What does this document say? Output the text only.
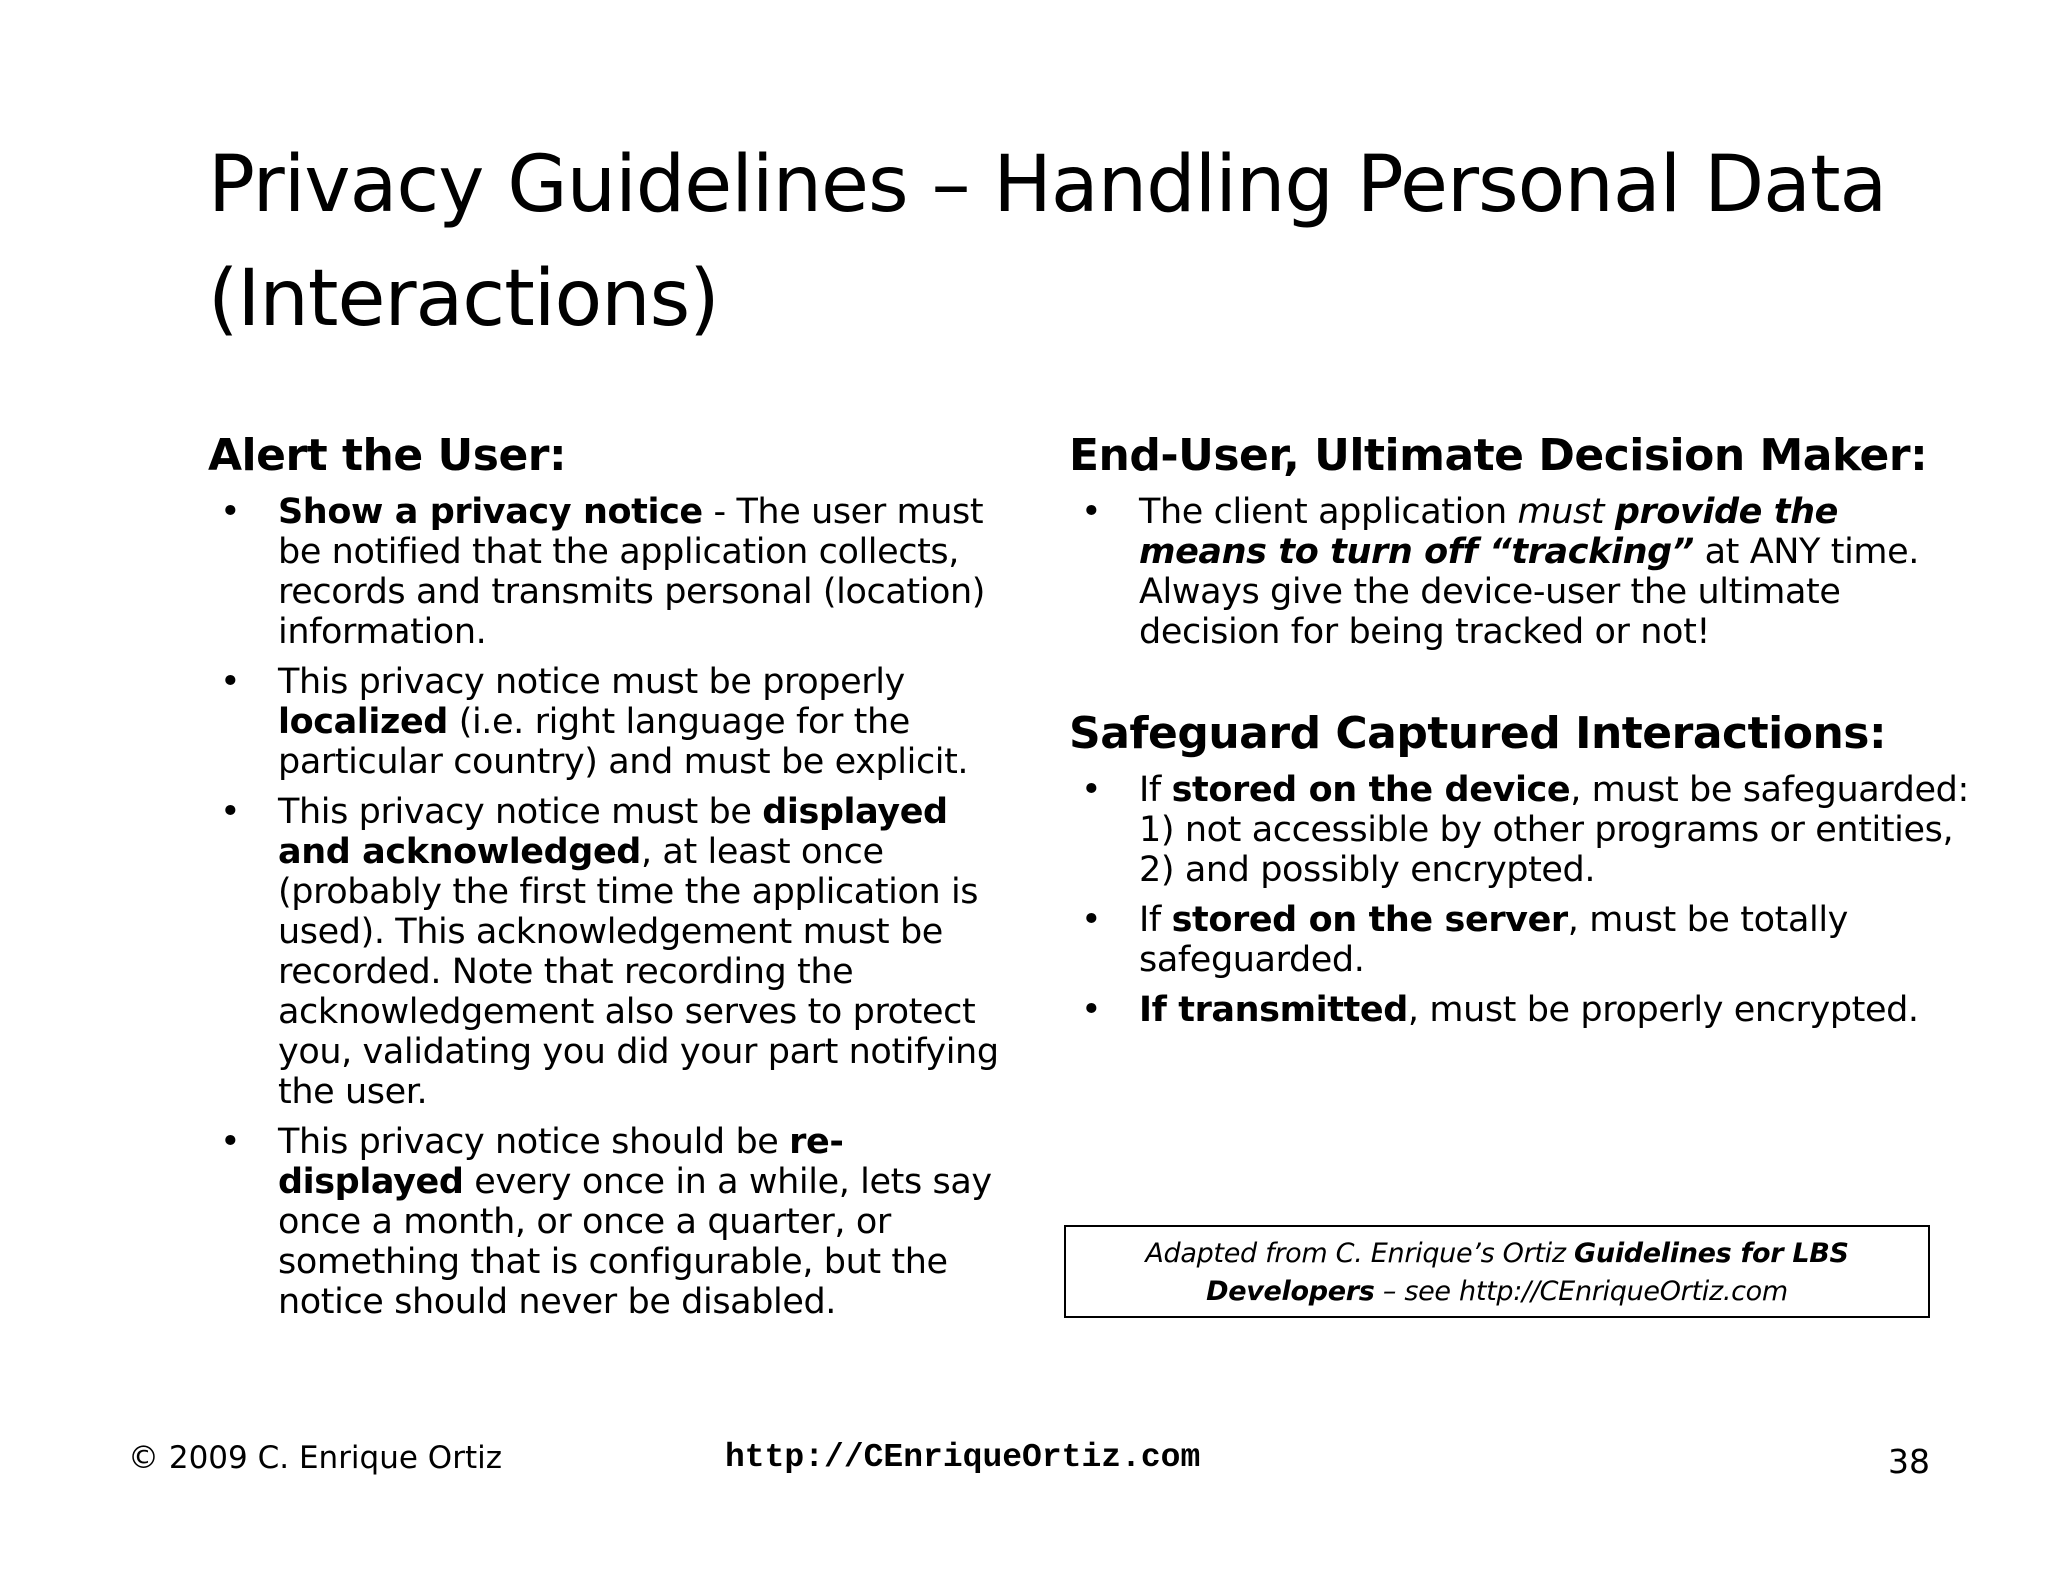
Privacy Guidelines – Handling Personal Data (Interactions)
Alert the User:
• Show a privacy notice - The user must be notified that the application collects, records and transmits personal (location) information.
• This privacy notice must be properly localized (i.e. right language for the particular country) and must be explicit.
• This privacy notice must be displayed and acknowledged, at least once (probably the first time the application is used). This acknowledgement must be recorded. Note that recording the acknowledgement also serves to protect you, validating you did your part notifying the user.
• This privacy notice should be re-displayed every once in a while, lets say once a month, or once a quarter, or something that is configurable, but the notice should never be disabled.
End-User, Ultimate Decision Maker:
• The client application must provide the means to turn off “tracking” at ANY time. Always give the device-user the ultimate decision for being tracked or not!
Safeguard Captured Interactions:
• If stored on the device, must be safeguarded: 1) not accessible by other programs or entities, 2) and possibly encrypted.
• If stored on the server, must be totally safeguarded.
• If transmitted, must be properly encrypted.
Adapted from C. Enrique’s Ortiz Guidelines for LBS Developers – see http://CEnriqueOrtiz.com
© 2009 C. Enrique Ortiz	http://CEnriqueOrtiz.com	38
